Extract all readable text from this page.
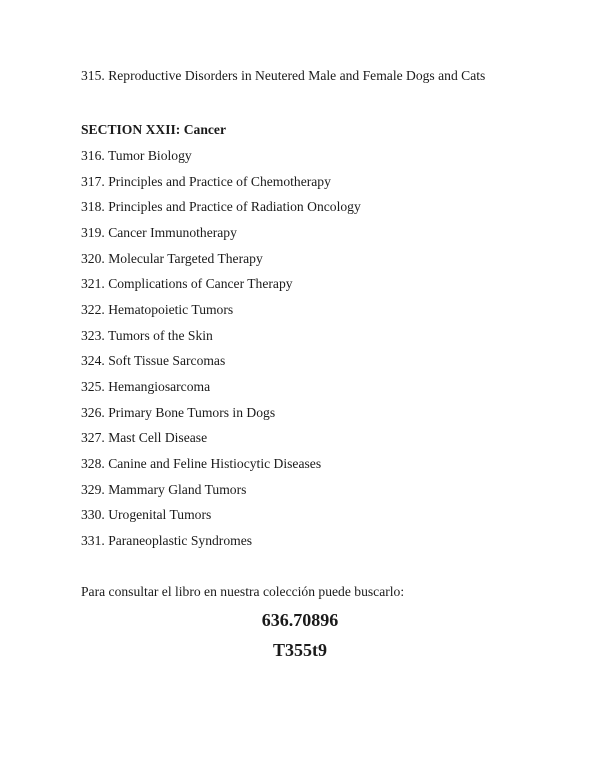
315. Reproductive Disorders in Neutered Male and Female Dogs and Cats
SECTION XXII: Cancer
316. Tumor Biology
317. Principles and Practice of Chemotherapy
318. Principles and Practice of Radiation Oncology
319. Cancer Immunotherapy
320. Molecular Targeted Therapy
321. Complications of Cancer Therapy
322. Hematopoietic Tumors
323. Tumors of the Skin
324. Soft Tissue Sarcomas
325. Hemangiosarcoma
326. Primary Bone Tumors in Dogs
327. Mast Cell Disease
328. Canine and Feline Histiocytic Diseases
329. Mammary Gland Tumors
330. Urogenital Tumors
331. Paraneoplastic Syndromes
Para consultar el libro en nuestra colección puede buscarlo:
636.70896
T355t9
